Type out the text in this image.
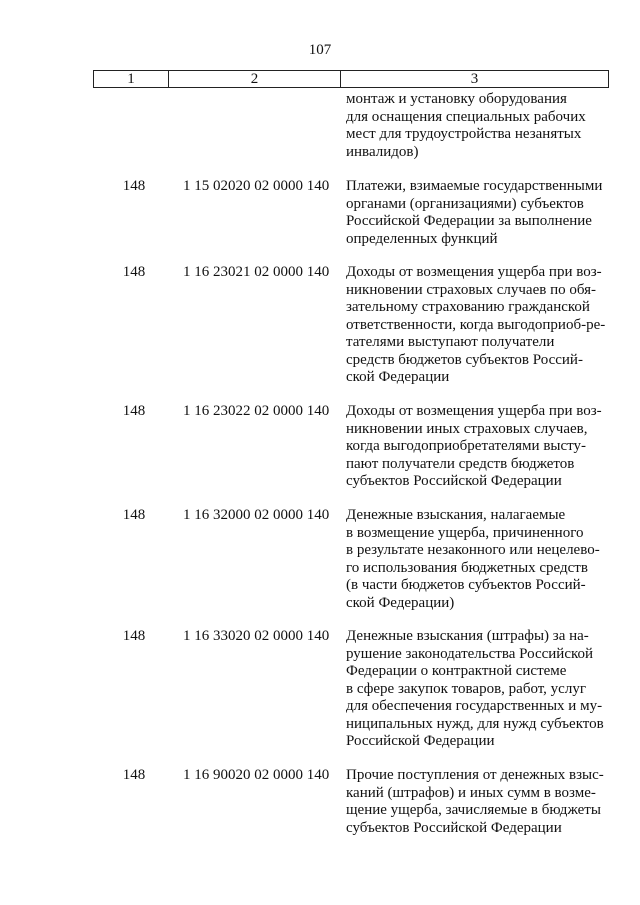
107
1	2	3
монтаж и установку оборудования
для оснащения специальных рабочих
мест для трудоустройства незанятых
инвалидов)
148	1 15 02020 02 0000 140	Платежи, взимаемые государственными
органами (организациями) субъектов
Российской Федерации за выполнение
определенных функций
148	1 16 23021 02 0000 140	Доходы от возмещения ущерба при воз-
никновении страховых случаев по обя-
зательному страхованию гражданской
ответственности, когда выгодоприоб-ре-
тателями выступают получатели
средств бюджетов субъектов Россий-
ской Федерации
148	1 16 23022 02 0000 140	Доходы от возмещения ущерба при воз-
никновении иных страховых случаев,
когда выгодоприобретателями высту-
пают получатели средств бюджетов
субъектов Российской Федерации
148	1 16 32000 02 0000 140	Денежные взыскания, налагаемые
в возмещение ущерба, причиненного
в результате незаконного или нецелево-
го использования бюджетных средств
(в части бюджетов субъектов Россий-
ской Федерации)
148	1 16 33020 02 0000 140	Денежные взыскания (штрафы) за на-
рушение законодательства Российской
Федерации о контрактной системе
в сфере закупок товаров, работ, услуг
для обеспечения государственных и му-
ниципальных нужд, для нужд субъектов
Российской Федерации
148	1 16 90020 02 0000 140	Прочие поступления от денежных взыс-
каний (штрафов) и иных сумм в возме-
щение ущерба, зачисляемые в бюджеты
субъектов Российской Федерации
